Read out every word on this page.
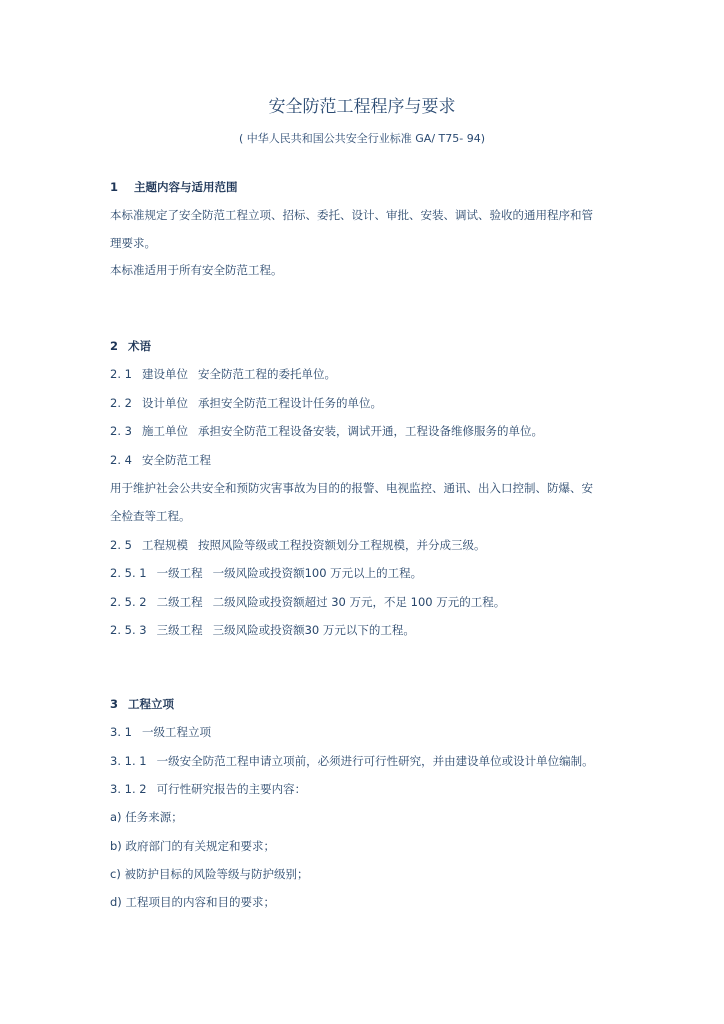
安全防范工程程序与要求
( 中华人民共和国公共安全行业标准 GA/ T75- 94)
1 主题内容与适用范围
本标准规定了安全防范工程立项、招标、委托、设计、审批、安装、调试、验收的通用程序和管
理要求。
本标准适用于所有安全防范工程。
2 术语
2. 1 建设单位 安全防范工程的委托单位。
2. 2 设计单位 承担安全防范工程设计任务的单位。
2. 3 施工单位 承担安全防范工程设备安装，调试开通，工程设备维修服务的单位。
2. 4 安全防范工程
用于维护社会公共安全和预防灾害事故为目的的报警、电视监控、通讯、出入口控制、防爆、安
全检查等工程。
2. 5 工程规模 按照风险等级或工程投资额划分工程规模，并分成三级。
2. 5. 1 一级工程 一级风险或投资额100 万元以上的工程。
2. 5. 2 二级工程 二级风险或投资额超过 30 万元，不足 100 万元的工程。
2. 5. 3 三级工程 三级风险或投资额30 万元以下的工程。
3 工程立项
3. 1 一级工程立项
3. 1. 1 一级安全防范工程申请立项前，必须进行可行性研究，并由建设单位或设计单位编制。
3. 1. 2 可行性研究报告的主要内容：
a) 任务来源；
b) 政府部门的有关规定和要求；
c) 被防护目标的风险等级与防护级别；
d) 工程项目的内容和目的要求；
